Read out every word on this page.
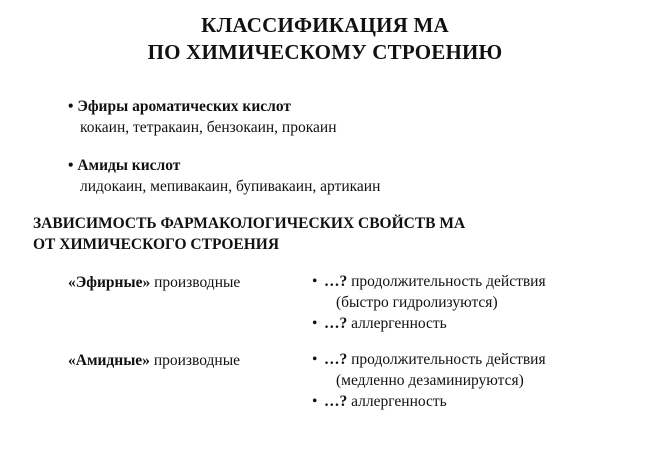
КЛАССИФИКАЦИЯ МА
ПО ХИМИЧЕСКОМУ СТРОЕНИЮ
• Эфиры ароматических кислот
кокаин, тетракаин, бензокаин, прокаин
• Амиды кислот
лидокаин, мепивакаин, бупивакаин, артикаин
ЗАВИСИМОСТЬ ФАРМАКОЛОГИЧЕСКИХ СВОЙСТВ МА
ОТ ХИМИЧЕСКОГО СТРОЕНИЯ
«Эфирные» производные	• …? продолжительность действия
(быстро гидролизуются)
• …? аллергенность
«Амидные» производные	• …? продолжительность действия
(медленно дезаминируются)
• …? аллергенность
